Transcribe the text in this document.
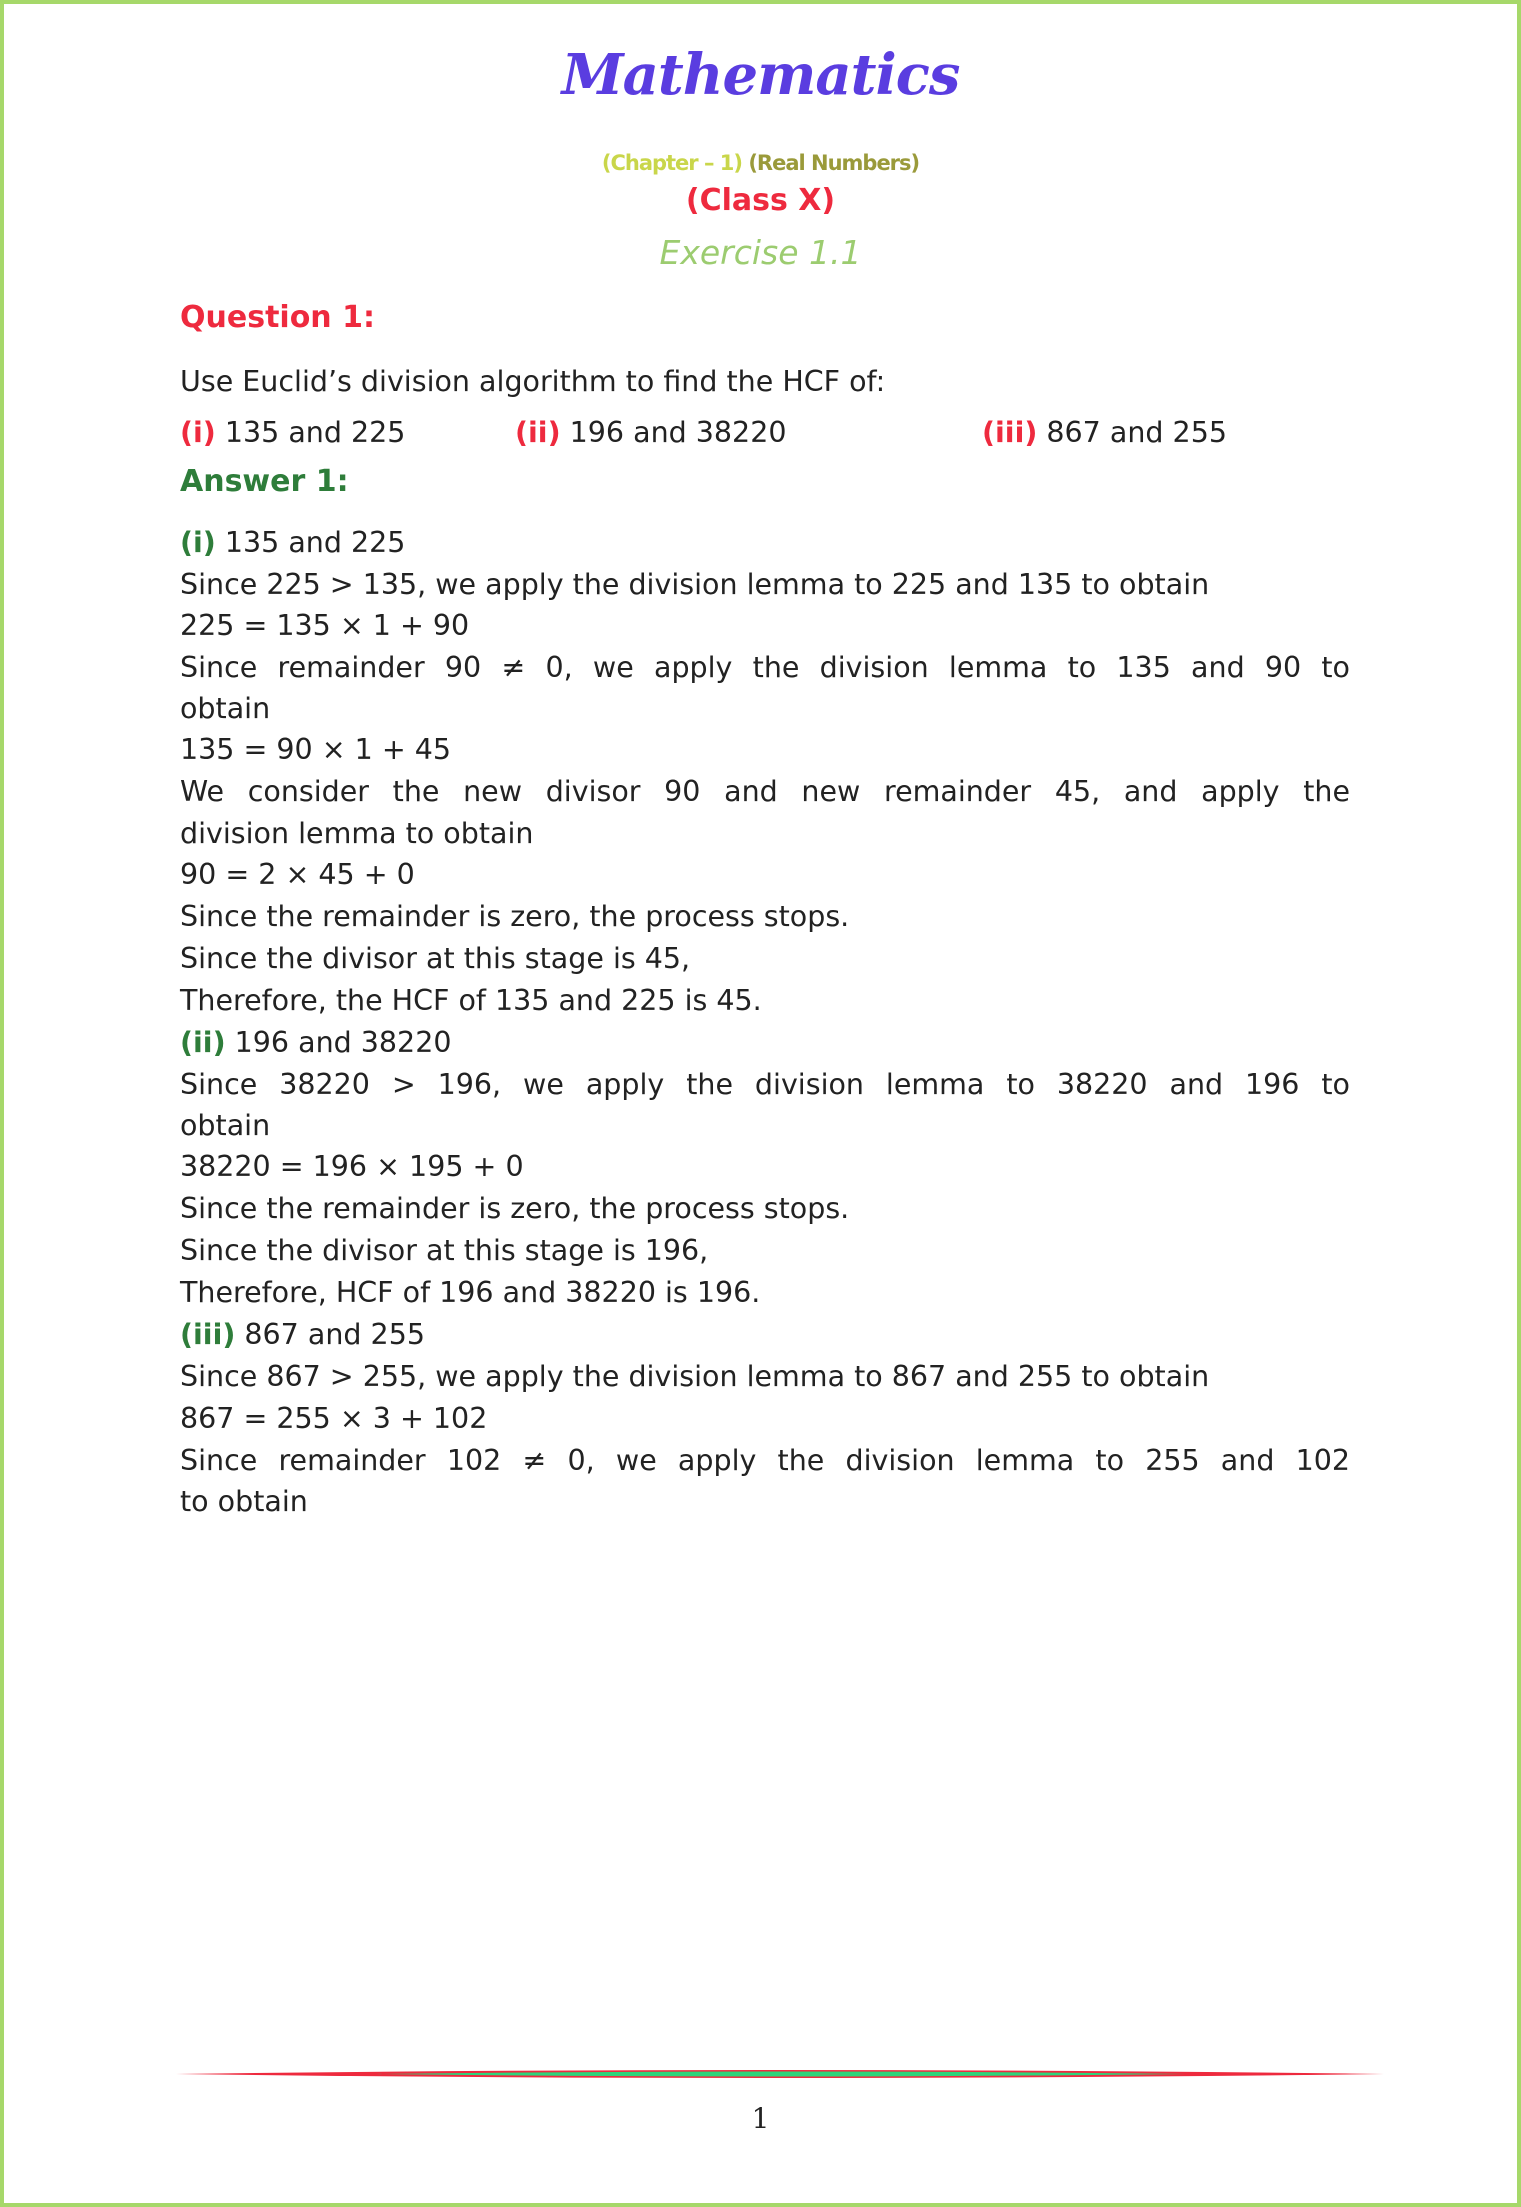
Mathematics
(Chapter – 1) (Real Numbers)
(Class X)
Exercise 1.1
Question 1:
Use Euclid’s division algorithm to find the HCF of:
(i) 135 and 225	(ii) 196 and 38220	(iii) 867 and 255
Answer 1:
(i) 135 and 225
Since 225 > 135, we apply the division lemma to 225 and 135 to obtain
225 = 135 × 1 + 90
Since remainder 90 ≠ 0, we apply the division lemma to 135 and 90 to
obtain
135 = 90 × 1 + 45
We consider the new divisor 90 and new remainder 45, and apply the
division lemma to obtain
90 = 2 × 45 + 0
Since the remainder is zero, the process stops.
Since the divisor at this stage is 45,
Therefore, the HCF of 135 and 225 is 45.
(ii) 196 and 38220
Since 38220 > 196, we apply the division lemma to 38220 and 196 to
obtain
38220 = 196 × 195 + 0
Since the remainder is zero, the process stops.
Since the divisor at this stage is 196,
Therefore, HCF of 196 and 38220 is 196.
(iii) 867 and 255
Since 867 > 255, we apply the division lemma to 867 and 255 to obtain
867 = 255 × 3 + 102
Since remainder 102 ≠ 0, we apply the division lemma to 255 and 102
to obtain
1
